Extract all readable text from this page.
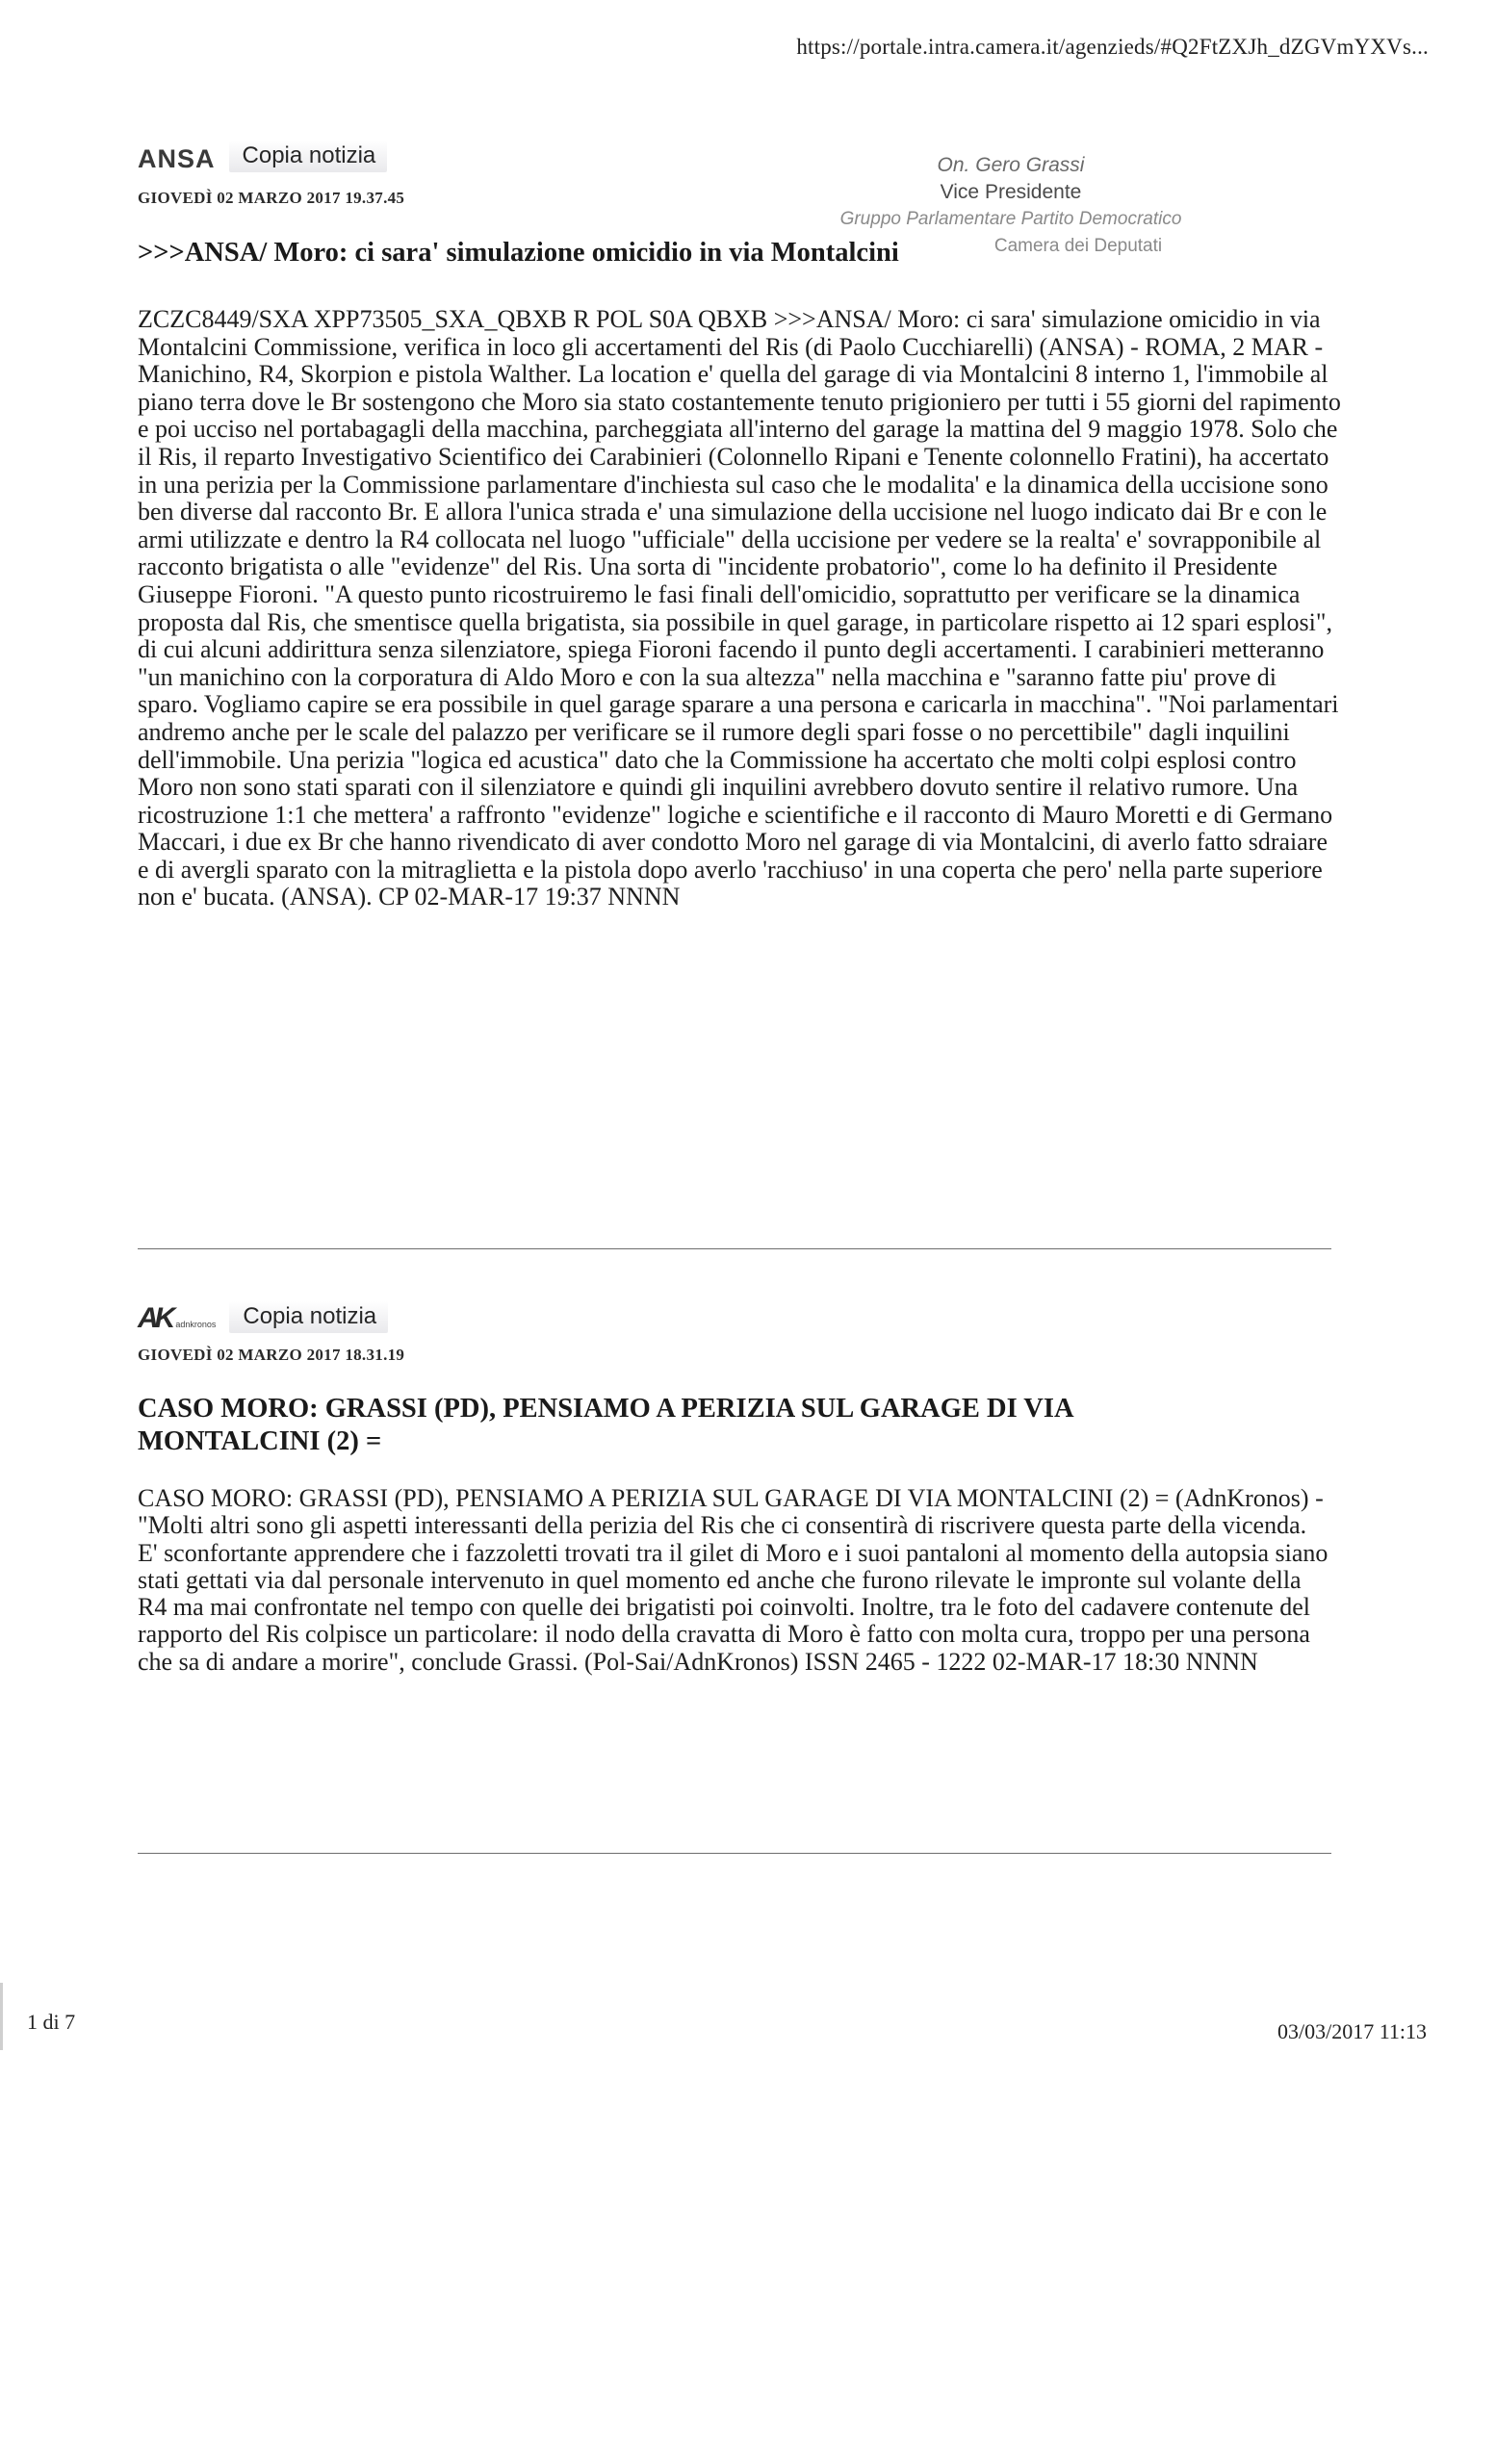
https://portale.intra.camera.it/agenzieds/#Q2FtZXJh_dZGVmYXVs...
ANSA	Copia notizia
GIOVEDÌ 02 MARZO 2017 19.37.45
>>>ANSA/ Moro: ci sara' simulazione omicidio in via Montalcini

ZCZC8449/SXA XPP73505_SXA_QBXB R POL S0A QBXB >>>ANSA/ Moro: ci sara' simulazione omicidio in via Montalcini Commissione, verifica in loco gli accertamenti del Ris (di Paolo Cucchiarelli) (ANSA) - ROMA, 2 MAR - Manichino, R4, Skorpion e pistola Walther. La location e' quella del garage di via Montalcini 8 interno 1, l'immobile al piano terra dove le Br sostengono che Moro sia stato costantemente tenuto prigioniero per tutti i 55 giorni del rapimento e poi ucciso nel portabagagli della macchina, parcheggiata all'interno del garage la mattina del 9 maggio 1978. Solo che il Ris, il reparto Investigativo Scientifico dei Carabinieri (Colonnello Ripani e Tenente colonnello Fratini), ha accertato in una perizia per la Commissione parlamentare d'inchiesta sul caso che le modalita' e la dinamica della uccisione sono ben diverse dal racconto Br. E allora l'unica strada e' una simulazione della uccisione nel luogo indicato dai Br e con le armi utilizzate e dentro la R4 collocata nel luogo "ufficiale" della uccisione per vedere se la realta' e' sovrapponibile al racconto brigatista o alle "evidenze" del Ris. Una sorta di "incidente probatorio", come lo ha definito il Presidente Giuseppe Fioroni. "A questo punto ricostruiremo le fasi finali dell'omicidio, soprattutto per verificare se la dinamica proposta dal Ris, che smentisce quella brigatista, sia possibile in quel garage, in particolare rispetto ai 12 spari esplosi", di cui alcuni addirittura senza silenziatore, spiega Fioroni facendo il punto degli accertamenti. I carabinieri metteranno "un manichino con la corporatura di Aldo Moro e con la sua altezza" nella macchina e "saranno fatte piu' prove di sparo. Vogliamo capire se era possibile in quel garage sparare a una persona e caricarla in macchina". "Noi parlamentari andremo anche per le scale del palazzo per verificare se il rumore degli spari fosse o no percettibile" dagli inquilini dell'immobile. Una perizia "logica ed acustica" dato che la Commissione ha accertato che molti colpi esplosi contro Moro non sono stati sparati con il silenziatore e quindi gli inquilini avrebbero dovuto sentire il relativo rumore. Una ricostruzione 1:1 che mettera' a raffronto "evidenze" logiche e scientifiche e il racconto di Mauro Moretti e di Germano Maccari, i due ex Br che hanno rivendicato di aver condotto Moro nel garage di via Montalcini, di averlo fatto sdraiare e di avergli sparato con la mitraglietta e la pistola dopo averlo 'racchiuso' in una coperta che pero' nella parte superiore non e' bucata. (ANSA). CP 02-MAR-17 19:37 NNNN

On. Gero Grassi
Vice Presidente
Gruppo Parlamentare Partito Democratico
Camera dei Deputati
AK adnkronos	Copia notizia
GIOVEDÌ 02 MARZO 2017 18.31.19
CASO MORO: GRASSI (PD), PENSIAMO A PERIZIA SUL GARAGE DI VIA
MONTALCINI (2) =

CASO MORO: GRASSI (PD), PENSIAMO A PERIZIA SUL GARAGE DI VIA MONTALCINI (2) = (AdnKronos) - "Molti altri sono gli aspetti interessanti della perizia del Ris che ci consentirà di riscrivere questa parte della vicenda. E' sconfortante apprendere che i fazzoletti trovati tra il gilet di Moro e i suoi pantaloni al momento della autopsia siano stati gettati via dal personale intervenuto in quel momento ed anche che furono rilevate le impronte sul volante della R4 ma mai confrontate nel tempo con quelle dei brigatisti poi coinvolti. Inoltre, tra le foto del cadavere contenute del rapporto del Ris colpisce un particolare: il nodo della cravatta di Moro è fatto con molta cura, troppo per una persona che sa di andare a morire", conclude Grassi. (Pol-Sai/AdnKronos) ISSN 2465 - 1222 02-MAR-17 18:30 NNNN

1 di 7	03/03/2017 11:13
